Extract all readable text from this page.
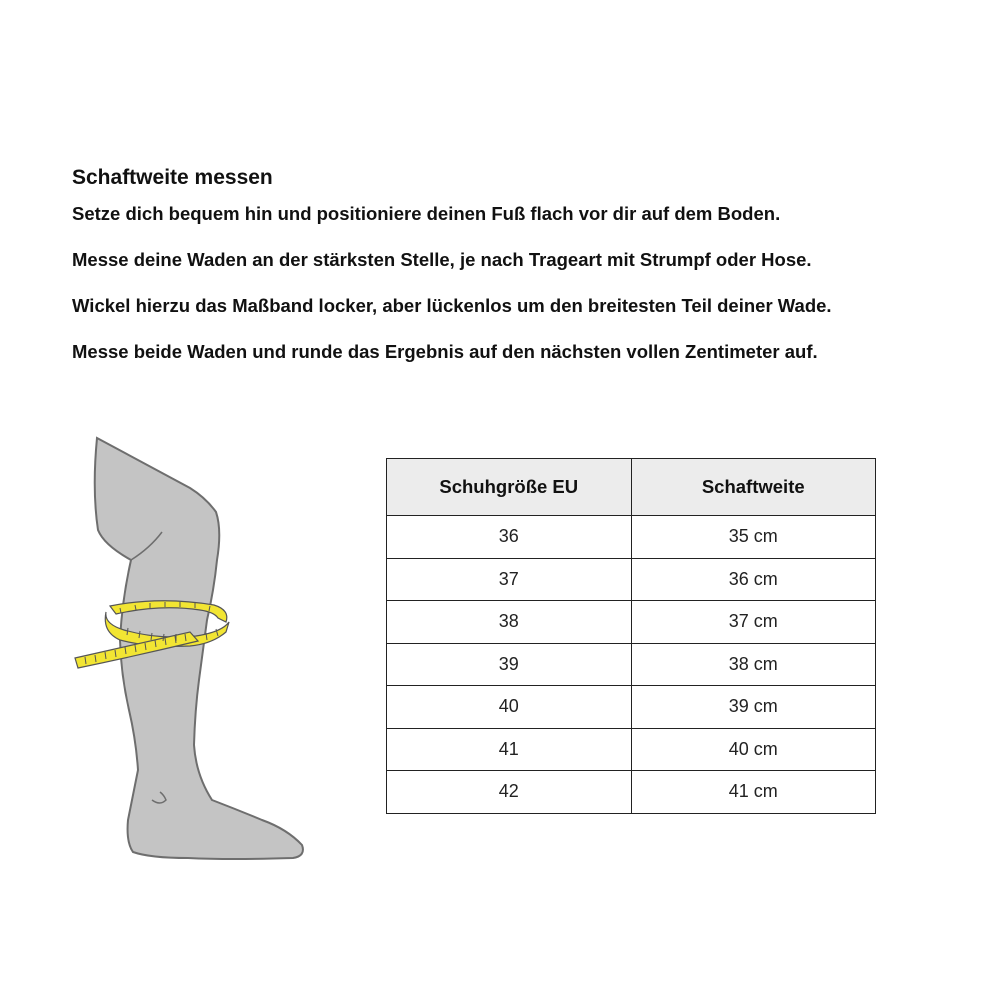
Schaftweite messen
Setze dich bequem hin und positioniere deinen Fuß flach vor dir auf dem Boden.
Messe deine Waden an der stärksten Stelle, je nach Trageart mit Strumpf oder Hose.
Wickel hierzu das Maßband locker, aber lückenlos um den breitesten Teil deiner Wade.
Messe beide Waden und runde das Ergebnis auf den nächsten vollen Zentimeter auf.
Schuhgröße EU	Schaftweite
36	35 cm
37	36 cm
38	37 cm
39	38 cm
40	39 cm
41	40 cm
42	41 cm
